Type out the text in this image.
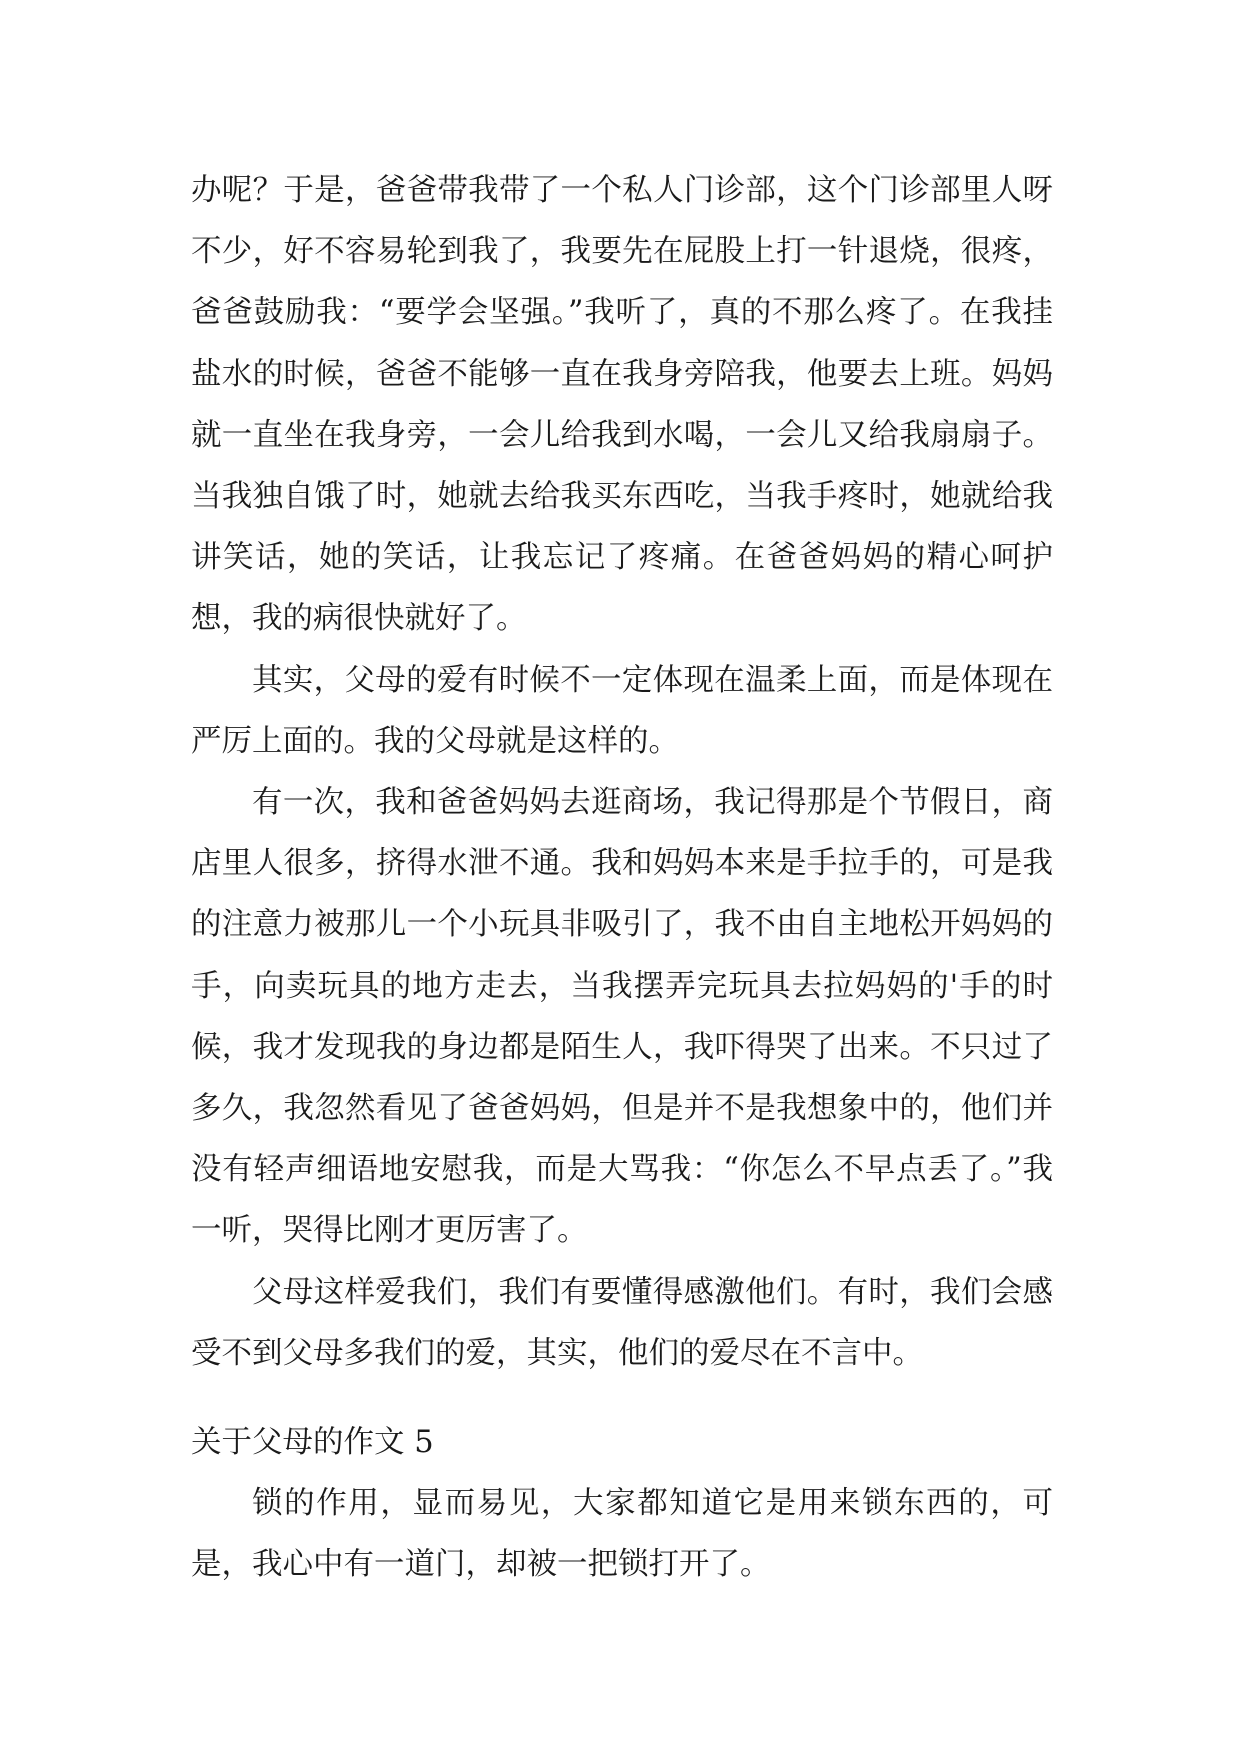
办呢？于是，爸爸带我带了一个私人门诊部，这个门诊部里人呀不少，好不容易轮到我了，我要先在屁股上打一针退烧，很疼，爸爸鼓励我：“要学会坚强。”我听了，真的不那么疼了。在我挂盐水的时候，爸爸不能够一直在我身旁陪我，他要去上班。妈妈就一直坐在我身旁，一会儿给我到水喝，一会儿又给我扇扇子。当我独自饿了时，她就去给我买东西吃，当我手疼时，她就给我讲笑话，她的笑话，让我忘记了疼痛。在爸爸妈妈的精心呵护想，我的病很快就好了。

其实，父母的爱有时候不一定体现在温柔上面，而是体现在严厉上面的。我的父母就是这样的。

有一次，我和爸爸妈妈去逛商场，我记得那是个节假日，商店里人很多，挤得水泄不通。我和妈妈本来是手拉手的，可是我的注意力被那儿一个小玩具非吸引了，我不由自主地松开妈妈的手，向卖玩具的地方走去，当我摆弄完玩具去拉妈妈的'手的时候，我才发现我的身边都是陌生人，我吓得哭了出来。不只过了多久，我忽然看见了爸爸妈妈，但是并不是我想象中的，他们并没有轻声细语地安慰我，而是大骂我：“你怎么不早点丢了。”我一听，哭得比刚才更厉害了。

父母这样爱我们，我们有要懂得感激他们。有时，我们会感受不到父母多我们的爱，其实，他们的爱尽在不言中。

关于父母的作文 5

锁的作用，显而易见，大家都知道它是用来锁东西的，可是，我心中有一道门，却被一把锁打开了。
